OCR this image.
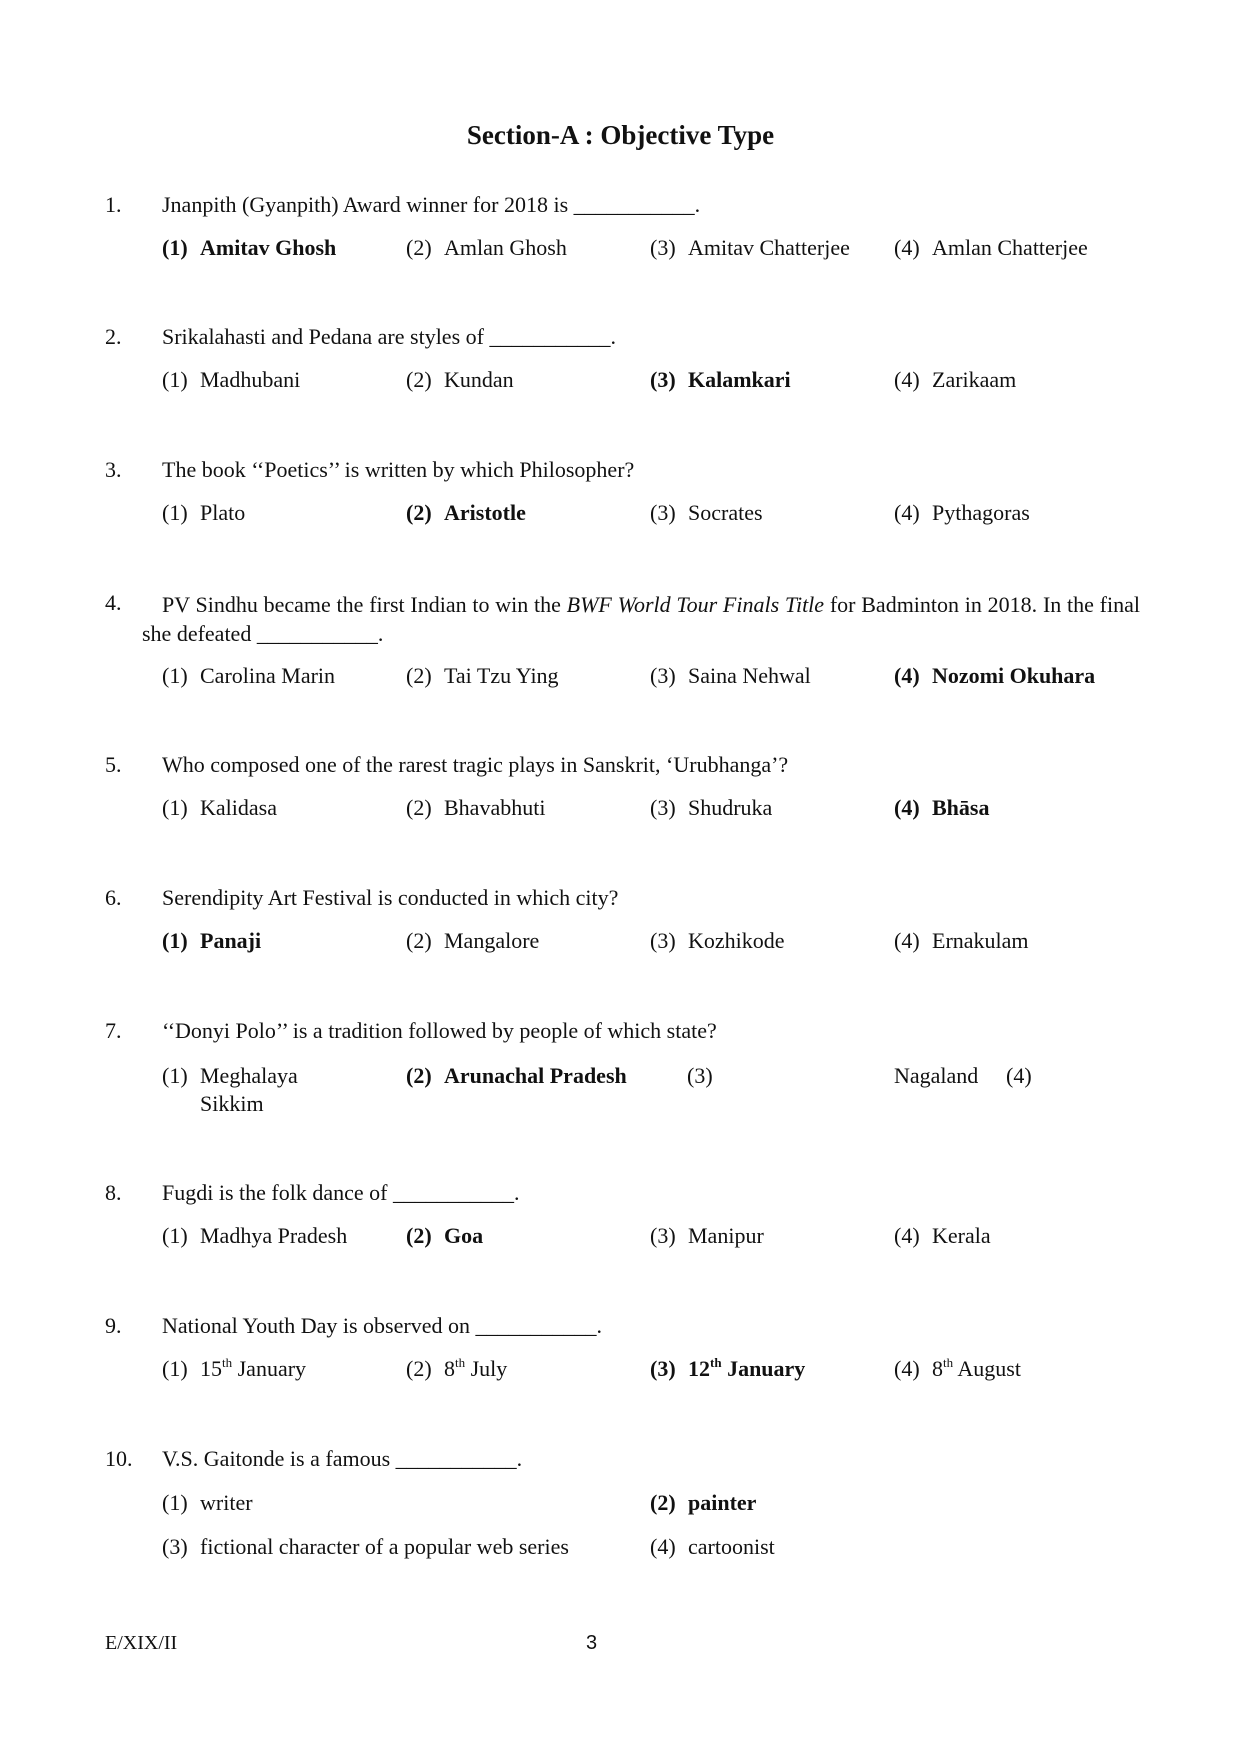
Section-A : Objective Type
1. Jnanpith (Gyanpith) Award winner for 2018 is ___________.
(1) Amitav Ghosh	(2) Amlan Ghosh	(3) Amitav Chatterjee (4) Amlan Chatterjee
2. Srikalahasti and Pedana are styles of ___________.
(1) Madhubani	(2) Kundan	(3) Kalamkari	(4) Zarikaam
3. The book ‘‘Poetics’’ is written by which Philosopher?
(1) Plato	(2) Aristotle	(3) Socrates	(4) Pythagoras
4.	PV Sindhu became the first Indian to win the BWF World Tour Finals Title for Badminton in 2018. In the final she defeated ___________.
(1) Carolina Marin	(2) Tai Tzu Ying	(3) Saina Nehwal	(4) Nozomi Okuhara
5. Who composed one of the rarest tragic plays in Sanskrit, ‘Urubhanga’?
(1) Kalidasa	(2) Bhavabhuti	(3) Shudruka	(4) Bhāsa
6. Serendipity Art Festival is conducted in which city?
(1) Panaji	(2) Mangalore	(3) Kozhikode	(4) Ernakulam
7. ‘‘Donyi Polo’’ is a tradition followed by people of which state?
(1) Meghalaya
Sikkim
(2) Arunachal Pradesh	(3)	Nagaland (4)
8. Fugdi is the folk dance of ___________.
(1) Madhya Pradesh	(2) Goa	(3) Manipur	(4) Kerala
9. National Youth Day is observed on ___________.
(1) 15th January	(2) 8th July	(3) 12th January	(4) 8th August
10. V.S. Gaitonde is a famous ___________.
(1) writer	(2) painter
(3) fictional character of a popular web series	(4) cartoonist
E/XIX/II	3
